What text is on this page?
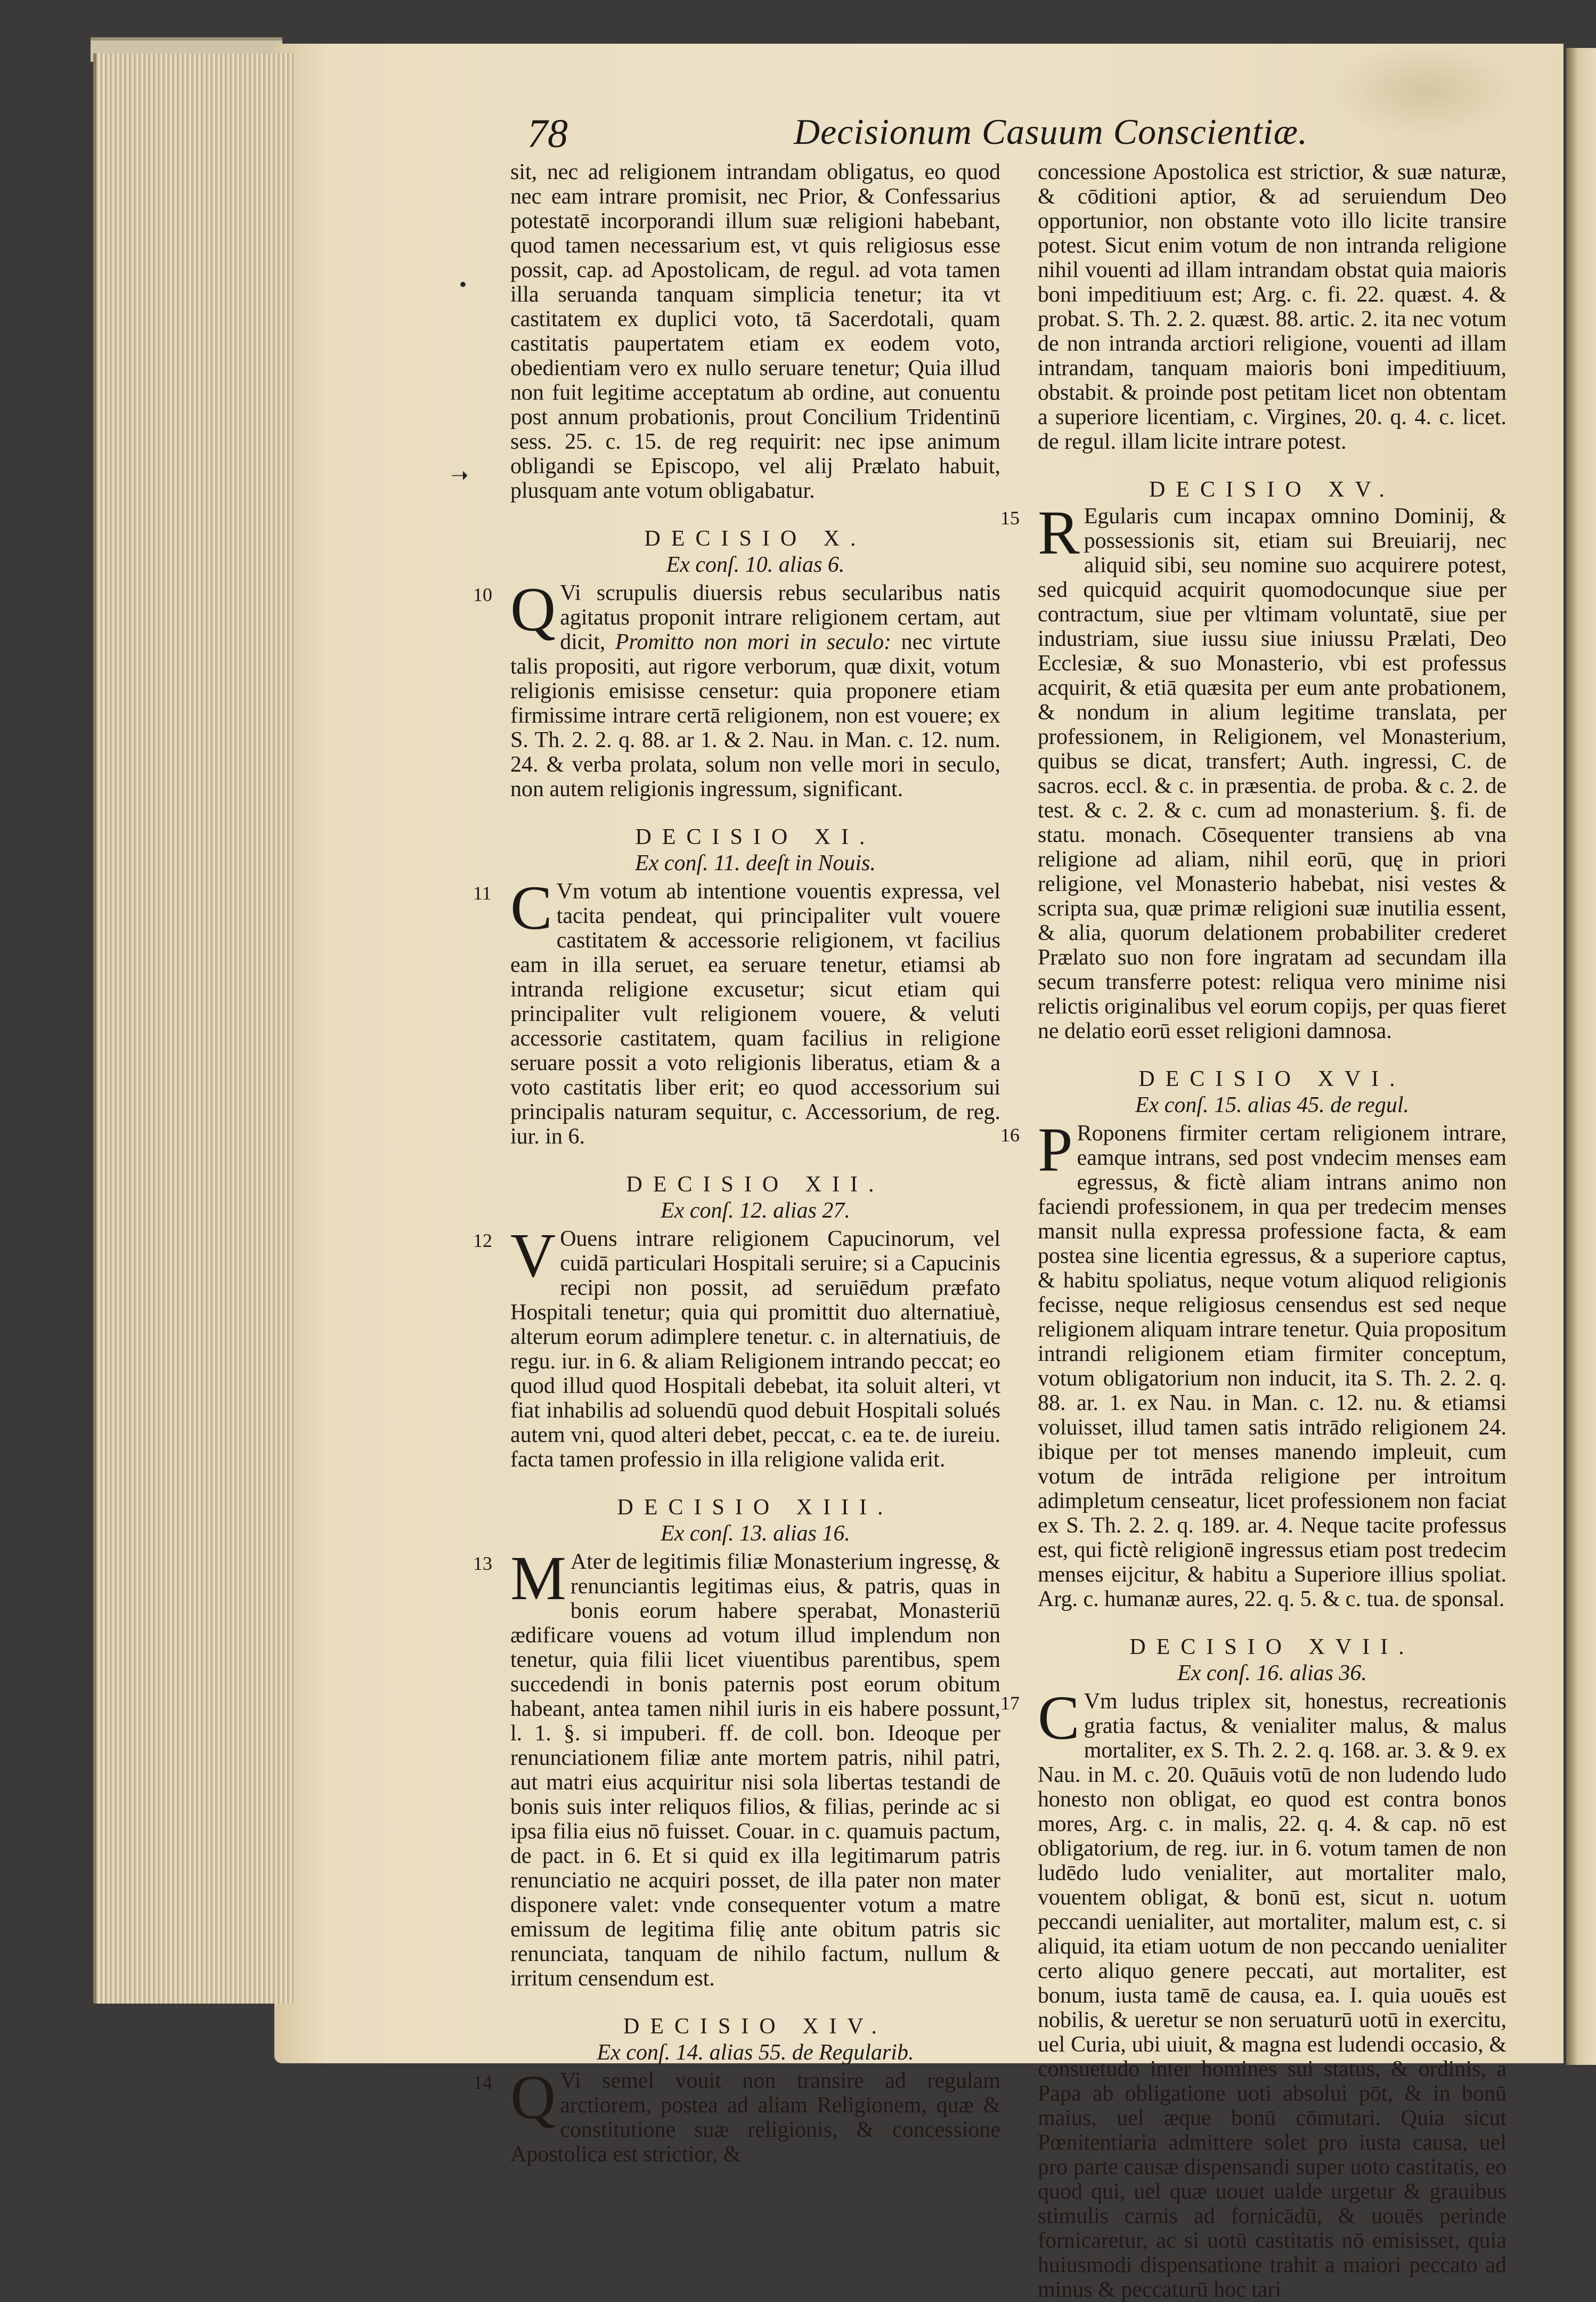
•
➝
78	Decisionum Casuum Conscientiæ.

sit, nec ad religionem intrandam obligatus, eo quod nec eam intrare promisit, nec Prior, & Confessarius potestatē incorporandi illum suæ religioni habebant, quod tamen necessarium est, vt quis religiosus esse possit, cap. ad Apostolicam, de regul. ad vota tamen illa seruanda tanquam simplicia tenetur; ita vt castitatem ex duplici voto, tā Sacerdotali, quam castitatis paupertatem etiam ex eodem voto, obedientiam vero ex nullo seruare tenetur; Quia illud non fuit legitime acceptatum ab ordine, aut conuentu post annum probationis, prout Concilium Tridentinū sess. 25. c. 15. de reg requirit: nec ipse animum obligandi se Episcopo, vel alij Prælato habuit, plusquam ante votum obligabatur.

DECISIO X.
Ex conſ. 10. alias 6.
10 Q Vi scrupulis diuersis rebus secularibus natis agitatus proponit intrare religionem certam, aut dicit, Promitto non mori in seculo: nec virtute talis propositi, aut rigore verborum, quæ dixit, votum religionis emisisse censetur: quia proponere etiam firmissime intrare certā religionem, non est vouere; ex S. Th. 2. 2. q. 88. ar 1. & 2. Nau. in Man. c. 12. num. 24. & verba prolata, solum non velle mori in seculo, non autem religionis ingressum, significant.
DECISIO XI.
Ex conſ. 11. deeſt in Nouis.
11 C Vm votum ab intentione vouentis expressa, vel tacita pendeat, qui principaliter vult vouere castitatem & accessorie religionem, vt facilius eam in illa seruet, ea seruare tenetur, etiamsi ab intranda religione excusetur; sicut etiam qui principaliter vult religionem vouere, & veluti accessorie castitatem, quam facilius in religione seruare possit a voto religionis liberatus, etiam & a voto castitatis liber erit; eo quod accessorium sui principalis naturam sequitur, c. Accessorium, de reg. iur. in 6.
DECISIO XII.
Ex conſ. 12. alias 27.
12 V Ouens intrare religionem Capucinorum, vel cuidā particulari Hospitali seruire; si a Capucinis recipi non possit, ad seruiēdum præfato Hospitali tenetur; quia qui promittit duo alternatiuè, alterum eorum adimplere tenetur. c. in alternatiuis, de regu. iur. in 6. & aliam Religionem intrando peccat; eo quod illud quod Hospitali debebat, ita soluit alteri, vt fiat inhabilis ad soluendū quod debuit Hospitali solués autem vni, quod alteri debet, peccat, c. ea te. de iureiu. facta tamen professio in illa religione valida erit.
DECISIO XIII.
Ex conſ. 13. alias 16.
13 M Ater de legitimis filiæ Monasterium ingressę, & renunciantis legitimas eius, & patris, quas in bonis eorum habere sperabat, Monasteriū ædificare vouens ad votum illud implendum non tenetur, quia filii licet viuentibus parentibus, spem succedendi in bonis paternis post eorum obitum habeant, antea tamen nihil iuris in eis habere possunt, l. 1. §. si impuberi. ff. de coll. bon. Ideoque per renunciationem filiæ ante mortem patris, nihil patri, aut matri eius acquiritur nisi sola libertas testandi de bonis suis inter reliquos filios, & filias, perinde ac si ipsa filia eius nō fuisset. Couar. in c. quamuis pactum, de pact. in 6. Et si quid ex illa legitimarum patris renunciatio ne acquiri posset, de illa pater non mater disponere valet: vnde consequenter votum a matre emissum de legitima filię ante obitum patris sic renunciata, tanquam de nihilo factum, nullum & irritum censendum est.
DECISIO XIV.
Ex conſ. 14. alias 55. de Regularib.
14 Q Vi semel vouit non transire ad regulam arctiorem, postea ad aliam Religionem, quæ & constitutione suæ religionis, & concessione Apostolica est strictior, &

concessione Apostolica est strictior, & suæ naturæ, & cōditioni aptior, & ad seruiendum Deo opportunior, non obstante voto illo licite transire potest. Sicut enim votum de non intranda religione nihil vouenti ad illam intrandam obstat quia maioris boni impeditiuum est; Arg. c. fi. 22. quæst. 4. & probat. S. Th. 2. 2. quæst. 88. artic. 2. ita nec votum de non intranda arctiori religione, vouenti ad illam intrandam, tanquam maioris boni impeditiuum, obstabit. & proinde post petitam licet non obtentam a superiore licentiam, c. Virgines, 20. q. 4. c. licet. de regul. illam licite intrare potest.

DECISIO XV.
15 R Egularis cum incapax omnino Dominij, & possessionis sit, etiam sui Breuiarij, nec aliquid sibi, seu nomine suo acquirere potest, sed quicquid acquirit quomodocunque siue per contractum, siue per vltimam voluntatē, siue per industriam, siue iussu siue iniussu Prælati, Deo Ecclesiæ, & suo Monasterio, vbi est professus acquirit, & etiā quæsita per eum ante probationem, & nondum in alium legitime translata, per professionem, in Religionem, vel Monasterium, quibus se dicat, transfert; Auth. ingressi, C. de sacros. eccl. & c. in præsentia. de proba. & c. 2. de test. & c. 2. & c. cum ad monasterium. §. fi. de statu. monach. Cōsequenter transiens ab vna religione ad aliam, nihil eorū, quę in priori religione, vel Monasterio habebat, nisi vestes & scripta sua, quæ primæ religioni suæ inutilia essent, & alia, quorum delationem probabiliter crederet Prælato suo non fore ingratam ad secundam illa secum transferre potest: reliqua vero minime nisi relictis originalibus vel eorum copijs, per quas fieret ne delatio eorū esset religioni damnosa.
DECISIO XVI.
Ex conſ. 15. alias 45. de regul.
16 P Roponens firmiter certam religionem intrare, eamque intrans, sed post vndecim menses eam egressus, & fictè aliam intrans animo non faciendi professionem, in qua per tredecim menses mansit nulla expressa professione facta, & eam postea sine licentia egressus, & a superiore captus, & habitu spoliatus, neque votum aliquod religionis fecisse, neque religiosus censendus est sed neque religionem aliquam intrare tenetur. Quia propositum intrandi religionem etiam firmiter conceptum, votum obligatorium non inducit, ita S. Th. 2. 2. q. 88. ar. 1. ex Nau. in Man. c. 12. nu. & etiamsi voluisset, illud tamen satis intrādo religionem 24. ibique per tot menses manendo impleuit, cum votum de intrāda religione per introitum adimpletum censeatur, licet professionem non faciat ex S. Th. 2. 2. q. 189. ar. 4. Neque tacite professus est, qui fictè religionē ingressus etiam post tredecim menses eijcitur, & habitu a Superiore illius spoliat. Arg. c. humanæ aures, 22. q. 5. & c. tua. de sponsal.
DECISIO XVII.
Ex conſ. 16. alias 36.
17 C Vm ludus triplex sit, honestus, recreationis gratia factus, & venialiter malus, & malus mortaliter, ex S. Th. 2. 2. q. 168. ar. 3. & 9. ex Nau. in M. c. 20. Quāuis votū de non ludendo ludo honesto non obligat, eo quod est contra bonos mores, Arg. c. in malis, 22. q. 4. & cap. nō est obligatorium, de reg. iur. in 6. votum tamen de non ludēdo ludo venialiter, aut mortaliter malo, vouentem obligat, & bonū est, sicut n. uotum peccandi uenialiter, aut mortaliter, malum est, c. si aliquid, ita etiam uotum de non peccando uenialiter certo aliquo genere peccati, aut mortaliter, est bonum, iusta tamē de causa, ea. I. quia uouēs est nobilis, & ueretur se non seruaturū uotū in exercitu, uel Curia, ubi uiuit, & magna est ludendi occasio, & consuetudo inter homines sui status, & ordinis, a Papa ab obligatione uoti absolui pōt, & in bonū maius, uel æque bonū cōmutari. Quia sicut Pœnitentiaria admittere solet pro iusta causa, uel pro parte causæ dispensandi super uoto castitatis, eo quod qui, uel quæ uouet ualde urgetur & grauibus stimulis carnis ad fornicādū, & uouēs perinde fornicaretur, ac si uotū castitatis nō emisisset, quia huiusmodi dispensatione trahit a maiori peccato ad minus & peccaturū hoc tari
